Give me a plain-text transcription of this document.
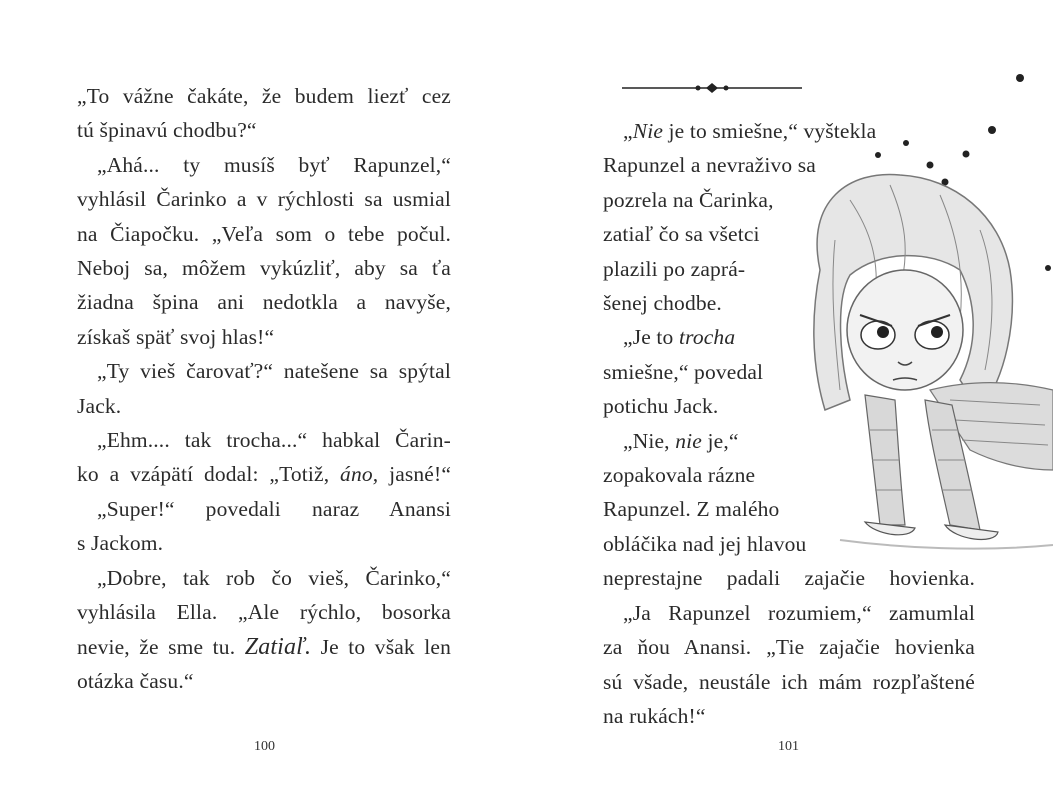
„To vážne čakáte, že budem liezť cez
tú špinavú chodbu?“

„Ahá... ty musíš byť Rapunzel,“
vyhlásil Čarinko a v rýchlosti sa usmial
na Čiapočku. „Veľa som o tebe počul.
Neboj sa, môžem vykúzliť, aby sa ťa
žiadna špina ani nedotkla a navyše,
získaš späť svoj hlas!“

„Ty vieš čarovať?“ natešene sa spýtal
Jack.

„Ehm.... tak trocha...“ habkal Čarin-
ko a vzápätí dodal: „Totiž, áno, jasné!“

„Super!“ povedali naraz Anansi
s Jackom.

„Dobre, tak rob čo vieš, Čarinko,“
vyhlásila Ella. „Ale rýchlo, bosorka
nevie, že sme tu. Zatiaľ. Je to však len
otázka času.“

100	101

„Nie je to smiešne,“ vyštekla
Rapunzel a nevraživo sa
pozrela na Čarinka,
zatiaľ čo sa všetci
plazili po zaprá-
šenej chodbe.

„Je to trocha
smiešne,“ povedal
potichu Jack.

„Nie, nie je,“
zopakovala rázne
Rapunzel. Z malého
obláčika nad jej hlavou
neprestajne padali zajačie hovienka.

„Ja Rapunzel rozumiem,“ zamumlal
za ňou Anansi. „Tie zajačie hovienka
sú všade, neustále ich mám rozpľaštené
na rukách!“
